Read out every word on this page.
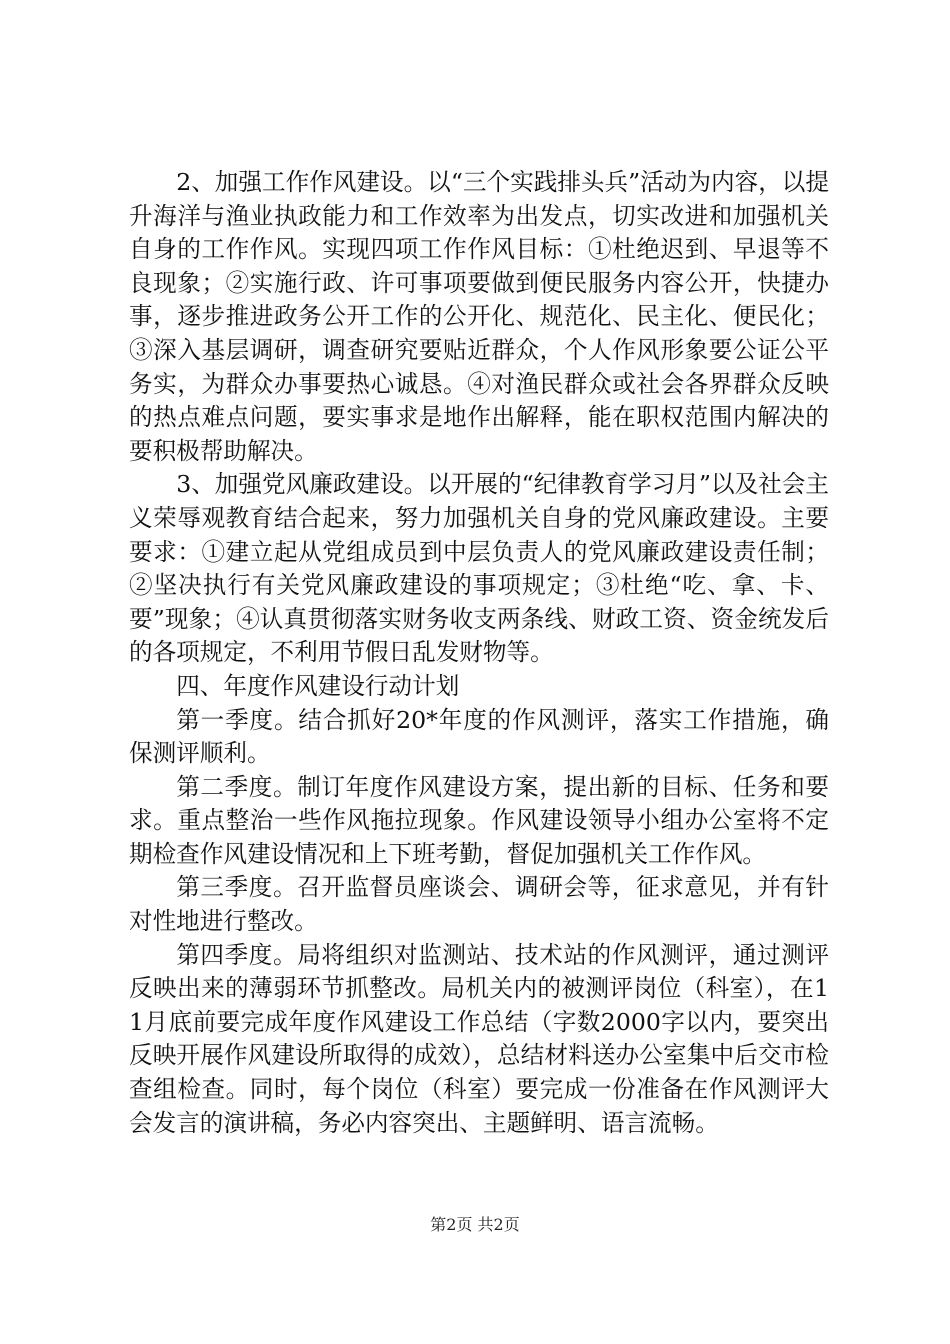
2、加强工作作风建设。以“三个实践排头兵”活动为内容，以提升海洋与渔业执政能力和工作效率为出发点，切实改进和加强机关自身的工作作风。实现四项工作作风目标：①杜绝迟到、早退等不良现象；②实施行政、许可事项要做到便民服务内容公开，快捷办事，逐步推进政务公开工作的公开化、规范化、民主化、便民化；③深入基层调研，调查研究要贴近群众，个人作风形象要公证公平务实，为群众办事要热心诚恳。④对渔民群众或社会各界群众反映的热点难点问题，要实事求是地作出解释，能在职权范围内解决的要积极帮助解决。

3、加强党风廉政建设。以开展的“纪律教育学习月”以及社会主义荣辱观教育结合起来，努力加强机关自身的党风廉政建设。主要要求：①建立起从党组成员到中层负责人的党风廉政建设责任制；②坚决执行有关党风廉政建设的事项规定；③杜绝“吃、拿、卡、要”现象；④认真贯彻落实财务收支两条线、财政工资、资金统发后的各项规定，不利用节假日乱发财物等。

四、年度作风建设行动计划

第一季度。结合抓好20*年度的作风测评，落实工作措施，确保测评顺利。

第二季度。制订年度作风建设方案，提出新的目标、任务和要求。重点整治一些作风拖拉现象。作风建设领导小组办公室将不定期检查作风建设情况和上下班考勤，督促加强机关工作作风。

第三季度。召开监督员座谈会、调研会等，征求意见，并有针对性地进行整改。

第四季度。局将组织对监测站、技术站的作风测评，通过测评反映出来的薄弱环节抓整改。局机关内的被测评岗位（科室），在11月底前要完成年度作风建设工作总结（字数2000字以内，要突出反映开展作风建设所取得的成效），总结材料送办公室集中后交市检查组检查。同时，每个岗位（科室）要完成一份准备在作风测评大会发言的演讲稿，务必内容突出、主题鲜明、语言流畅。

第2页 共2页
